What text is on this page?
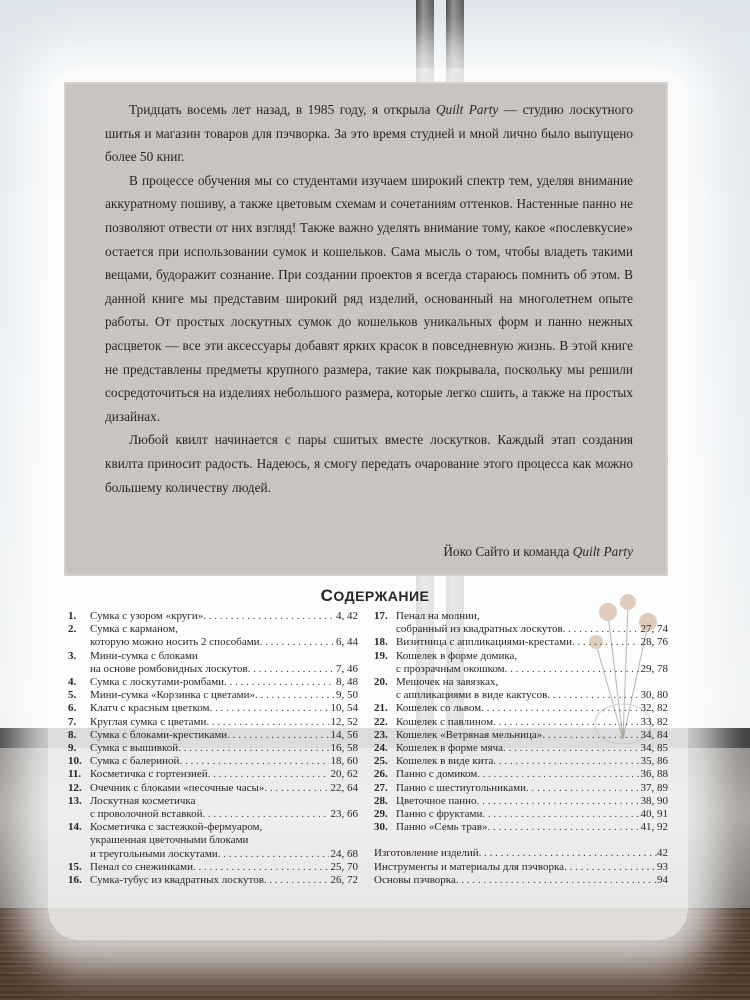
Тридцать восемь лет назад, в 1985 году, я открыла Quilt Party — студию лоскутного шитья и магазин товаров для пэчворка. За это время студией и мной лично было выпущено более 50 книг.

В процессе обучения мы со студентами изучаем широкий спектр тем, уделяя внимание аккуратному пошиву, а также цветовым схемам и сочетаниям оттенков. Настенные панно не позволяют отвести от них взгляд! Также важно уделять внимание тому, какое «послевкусие» остается при использовании сумок и кошельков. Сама мысль о том, чтобы владеть такими вещами, будоражит сознание. При создании проектов я всегда стараюсь помнить об этом. В данной книге мы представим широкий ряд изделий, основанный на многолетнем опыте работы. От простых лоскутных сумок до кошельков уникальных форм и панно нежных расцветок — все эти аксессуары добавят ярких красок в повседневную жизнь. В этой книге не представлены предметы крупного размера, такие как покрывала, поскольку мы решили сосредоточиться на изделиях небольшого размера, которые легко сшить, а также на простых дизайнах.

Любой квилт начинается с пары сшитых вместе лоскутков. Каждый этап создания квилта приносит радость. Надеюсь, я смогу передать очарование этого процесса как можно большему количеству людей.

Йоко Сайто и команда Quilt Party
СОДЕРЖАНИЕ
1.	Сумка с узором «круги» . . .	4, 42
2.	Сумка с карманом,
которую можно носить 2 способами . . .	6, 44
3.	Мини-сумка с блоками
на основе ромбовидных лоскутов . . .	7, 46
4.	Сумка с лоскутами-ромбами . . .	8, 48
5.	Мини-сумка «Корзинка с цветами» . . .	9, 50
6.	Клатч с красным цветком . . .	10, 54
7.	Круглая сумка с цветами . . .	12, 52
8.	Сумка с блоками-крестиками . . .	14, 56
9.	Сумка с вышивкой . . .	16, 58
10. Сумка с балериной . . .	18, 60
11. Косметичка с гортензией . . .	20, 62
12. Очечник с блоками «песочные часы» . . .	22, 64
13. Лоскутная косметичка
с проволочной вставкой . . .	23, 66
14. Косметичка с застежкой-фермуаром,
украшенная цветочными блоками
и треугольными лоскутами . . .	24, 68
15. Пенал со снежинками . . .	25, 70
16. Сумка-тубус из квадратных лоскутов . . .	26, 72
17. Пенал на молнии,
собранный из квадратных лоскутов . . .	27, 74
18. Визитница с аппликациями-крестами . . .	28, 76
19. Кошелек в форме домика,
с прозрачным окошком . . .	29, 78
20. Мешочек на завязках,
с аппликациями в виде кактусов . . .	30, 80
21. Кошелек со львом . . .	32, 82
22. Кошелек с павлином . . .	33, 82
23. Кошелек «Ветряная мельница» . . .	34, 84
24. Кошелек в форме мяча . . .	34, 85
25. Кошелек в виде кита . . .	35, 86
26. Панно с домиком . . .	36, 88
27. Панно с шестиугольниками . . .	37, 89
28. Цветочное панно . . .	38, 90
29. Панно с фруктами . . .	40, 91
30. Панно «Семь трав» . . .	41, 92
Изготовление изделий . . .	42
Инструменты и материалы для пэчворка . . .	93
Основы пэчворка . . .	94
